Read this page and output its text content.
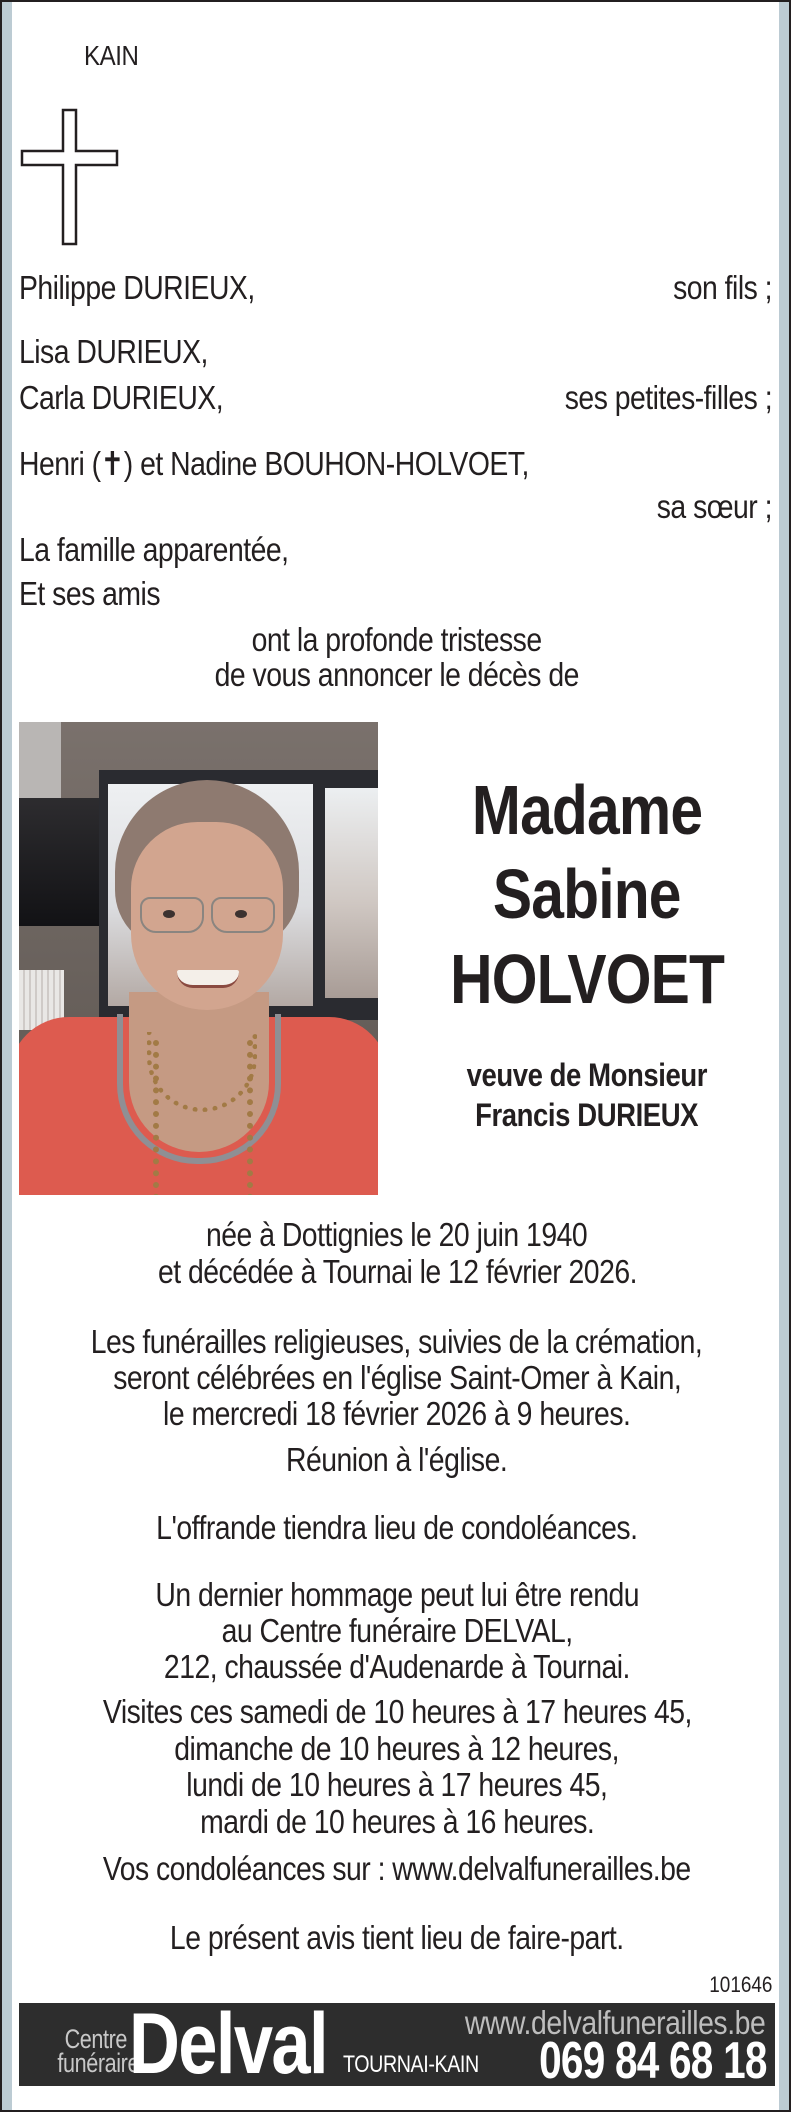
KAIN
Philippe DURIEUX,	son fils ;
Lisa DURIEUX,
Carla DURIEUX,	ses petites-filles ;
Henri (✝) et Nadine BOUHON-HOLVOET,
sa sœur ;
La famille apparentée,
Et ses amis
ont la profonde tristesse
de vous annoncer le décès de
Madame
Sabine
HOLVOET
veuve de Monsieur
Francis DURIEUX
née à Dottignies le 20 juin 1940
et décédée à Tournai le 12 février 2026.
Les funérailles religieuses, suivies de la crémation,
seront célébrées en l'église Saint-Omer à Kain,
le mercredi 18 février 2026 à 9 heures.
Réunion à l'église.
L'offrande tiendra lieu de condoléances.
Un dernier hommage peut lui être rendu
au Centre funéraire DELVAL,
212, chaussée d'Audenarde à Tournai.
Visites ces samedi de 10 heures à 17 heures 45,
dimanche de 10 heures à 12 heures,
lundi de 10 heures à 17 heures 45,
mardi de 10 heures à 16 heures.
Vos condoléances sur : www.delvalfunerailles.be
Le présent avis tient lieu de faire-part.
101646
Centre
funéraire
Delval	www.delvalfunerailles.be
TOURNAI-KAIN	069 84 68 18
